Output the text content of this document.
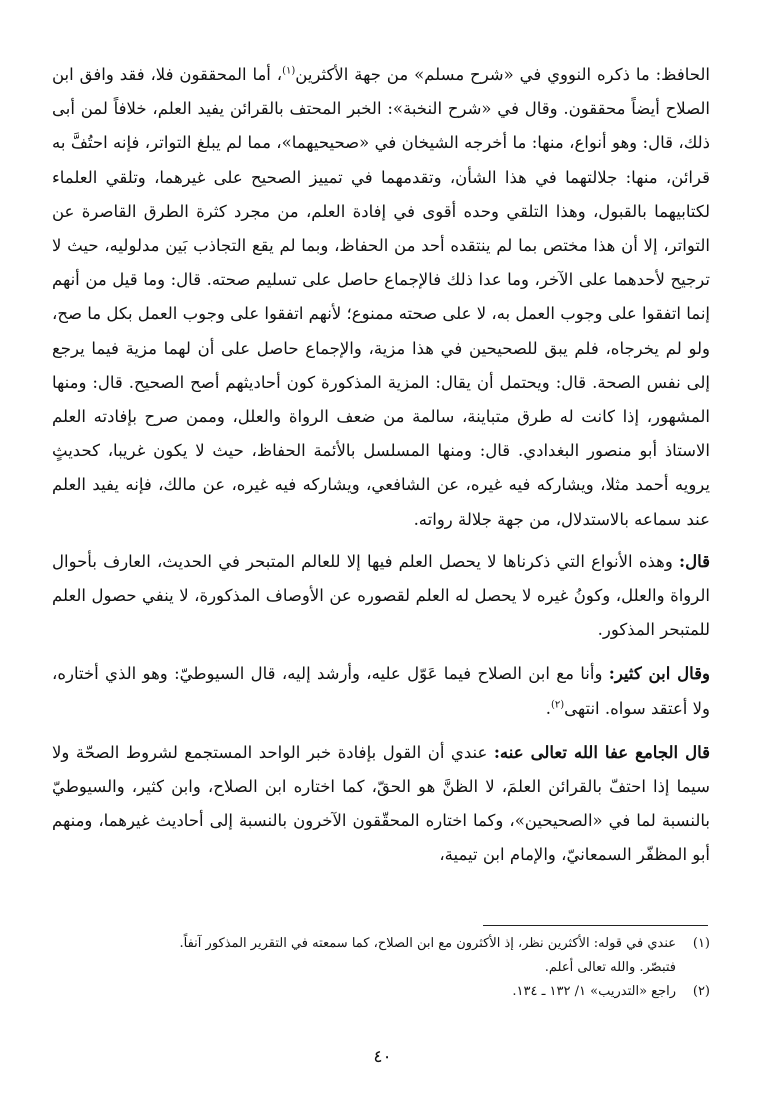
الحافظ: ما ذكره النووي في «شرح مسلم» من جهة الأكثرين$^{(١)}$، أما المحققون فلا، فقد وافق ابن الصلاح أيضاً محققون. وقال في «شرح النخبة»: الخبر المحتف بالقرائن يفيد العلم، خلافاً لمن أبى ذلك، قال: وهو أنواع، منها: ما أخرجه الشيخان في «صحيحيهما»، مما لم يبلغ التواتر، فإنه احتُفَّ به قرائن، منها: جلالتهما في هذا الشأن، وتقدمهما في تمييز الصحيح على غيرهما، وتلقي العلماء لكتابيهما بالقبول، وهذا التلقي وحده أقوى في إفادة العلم، من مجرد كثرة الطرق القاصرة عن التواتر، إلا أن هذا مختص بما لم ينتقده أحد من الحفاظ، وبما لم يقع التجاذب بَين مدلوليه، حيث لا ترجيح لأحدهما على الآخر، وما عدا ذلك فالإجماع حاصل على تسليم صحته. قال: وما قيل من أنهم إنما اتفقوا على وجوب العمل به، لا على صحته ممنوع؛ لأنهم اتفقوا على وجوب العمل بكل ما صح، ولو لم يخرجاه، فلم يبق للصحيحين في هذا مزية، والإجماع حاصل على أن لهما مزية فيما يرجع إلى نفس الصحة. قال: ويحتمل أن يقال: المزية المذكورة كون أحاديثهم أصح الصحيح. قال: ومنها المشهور، إذا كانت له طرق متباينة، سالمة من ضعف الرواة والعلل، وممن صرح بإفادته العلم الاستاذ أبو منصور البغدادي. قال: ومنها المسلسل بالأئمة الحفاظ، حيث لا يكون غريبا، كحديثٍ يرويه أحمد مثلا، ويشاركه فيه غيره، عن الشافعي، ويشاركه فيه غيره، عن مالك، فإنه يفيد العلم عند سماعه بالاستدلال، من جهة جلالة رواته.

قال: وهذه الأنواع التي ذكرناها لا يحصل العلم فيها إلا للعالم المتبحر في الحديث، العارف بأحوال الرواة والعلل، وكونُ غيره لا يحصل له العلم لقصوره عن الأوصاف المذكورة، لا ينفي حصول العلم للمتبحر المذكور.

وقال ابن كثير: وأنا مع ابن الصلاح فيما عَوّل عليه، وأرشد إليه، قال السيوطيّ: وهو الذي أختاره، ولا أعتقد سواه. انتهى$^{(٢)}$.

قال الجامع عفا الله تعالى عنه: عندي أن القول بإفادة خبر الواحد المستجمع لشروط الصحّة ولا سيما إذا احتفّ بالقرائن العلمَ، لا الظنَّ هو الحقّ، كما اختاره ابن الصلاح، وابن كثير، والسيوطيّ بالنسبة لما في «الصحيحين»، وكما اختاره المحقّقون الآخرون بالنسبة إلى أحاديث غيرهما، ومنهم أبو المظفّر السمعانيّ، والإمام ابن تيمية،

(١)عندي في قوله: الأكثرين نظر، إذ الأكثرون مع ابن الصلاح، كما سمعته في التقرير المذكور آنفاً.
فتبصّر. والله تعالى أعلم.
(٢)راجع «التدريب» ١/ ١٣٢ ـ ١٣٤.
٤٠
